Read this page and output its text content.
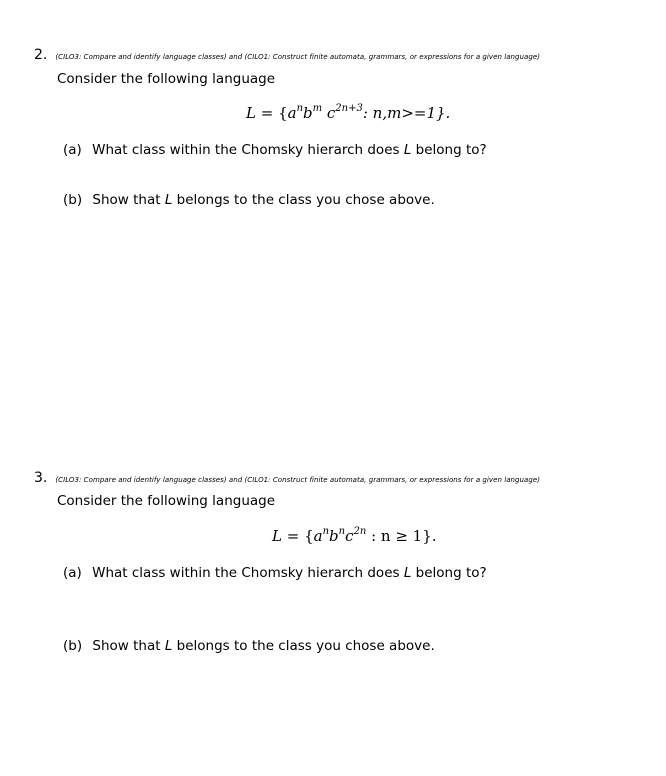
2. (CILO3: Compare and identify language classes) and (CILO1: Construct finite automata, grammars, or expressions for a given language)
Consider the following language
$L = \{a^nb^m$ $c^{2n+3}$: n,m>=1}.
(a) What class within the Chomsky hierarch does L belong to?
(b) Show that L belongs to the class you chose above.
3. (CILO3: Compare and identify language classes) and (CILO1: Construct finite automata, grammars, or expressions for a given language)
Consider the following language
$L = \{a^nb^nc^{2n}$ : n ≥ 1}.
(a) What class within the Chomsky hierarch does L belong to?
(b) Show that L belongs to the class you chose above.
